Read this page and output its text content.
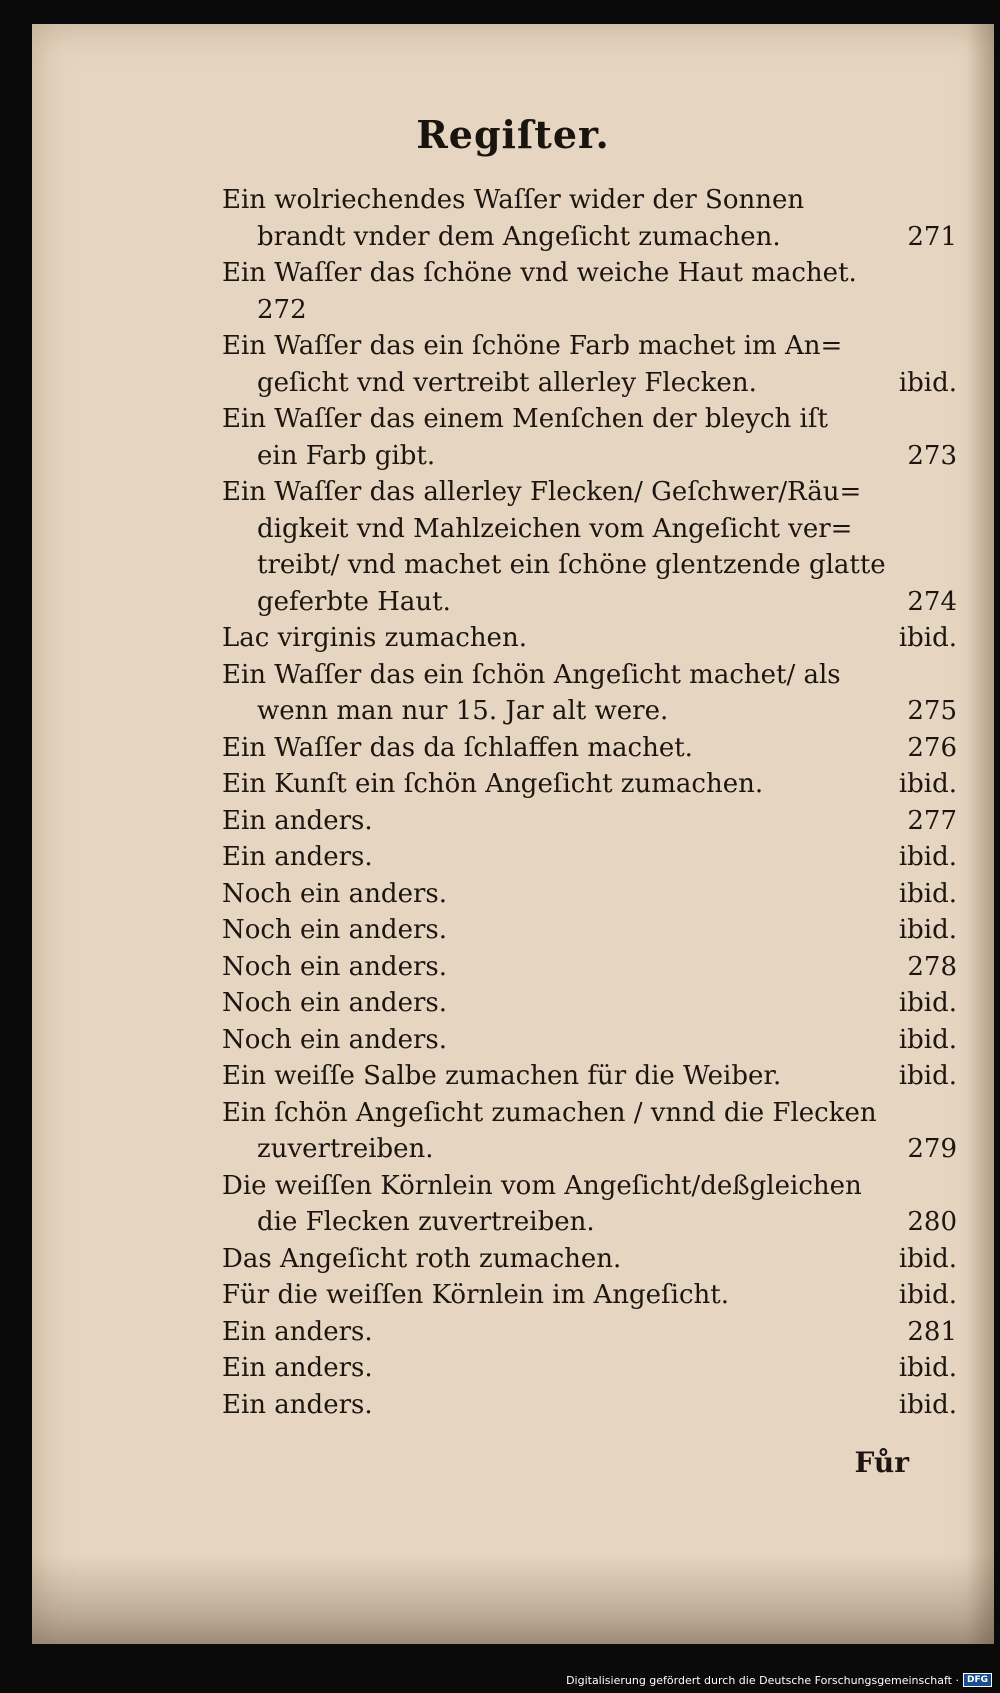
Regiſter.
Ein wolriechendes Waſſer wider der Sonnen
brandt vnder dem Angeſicht zumachen.	271
Ein Waſſer das ſchöne vnd weiche Haut machet.
272
Ein Waſſer das ein ſchöne Farb machet im An=
geſicht vnd vertreibt allerley Flecken.	ibid.
Ein Waſſer das einem Menſchen der bleych iſt
ein Farb gibt.	273
Ein Waſſer das allerley Flecken/ Geſchwer/Räu=
digkeit vnd Mahlzeichen vom Angeſicht ver=
treibt/ vnd machet ein ſchöne glentzende glatte
geferbte Haut.	274
Lac virginis zumachen.	ibid.
Ein Waſſer das ein ſchön Angeſicht machet/ als
wenn man nur 15. Jar alt were.	275
Ein Waſſer das da ſchlaffen machet.	276
Ein Kunſt ein ſchön Angeſicht zumachen.	ibid.
Ein anders.	277
Ein anders.	ibid.
Noch ein anders.	ibid.
Noch ein anders.	ibid.
Noch ein anders.	278
Noch ein anders.	ibid.
Noch ein anders.	ibid.
Ein weiſſe Salbe zumachen für die Weiber.	ibid.
Ein ſchön Angeſicht zumachen / vnnd die Flecken
zuvertreiben.	279
Die weiſſen Körnlein vom Angeſicht/deßgleichen
die Flecken zuvertreiben.	280
Das Angeſicht roth zumachen.	ibid.
Für die weiſſen Körnlein im Angeſicht.	ibid.
Ein anders.	281
Ein anders.	ibid.
Ein anders.	ibid.
Fůr
Digitalisierung gefördert durch die Deutsche Forschungsgemeinschaft · DFG
